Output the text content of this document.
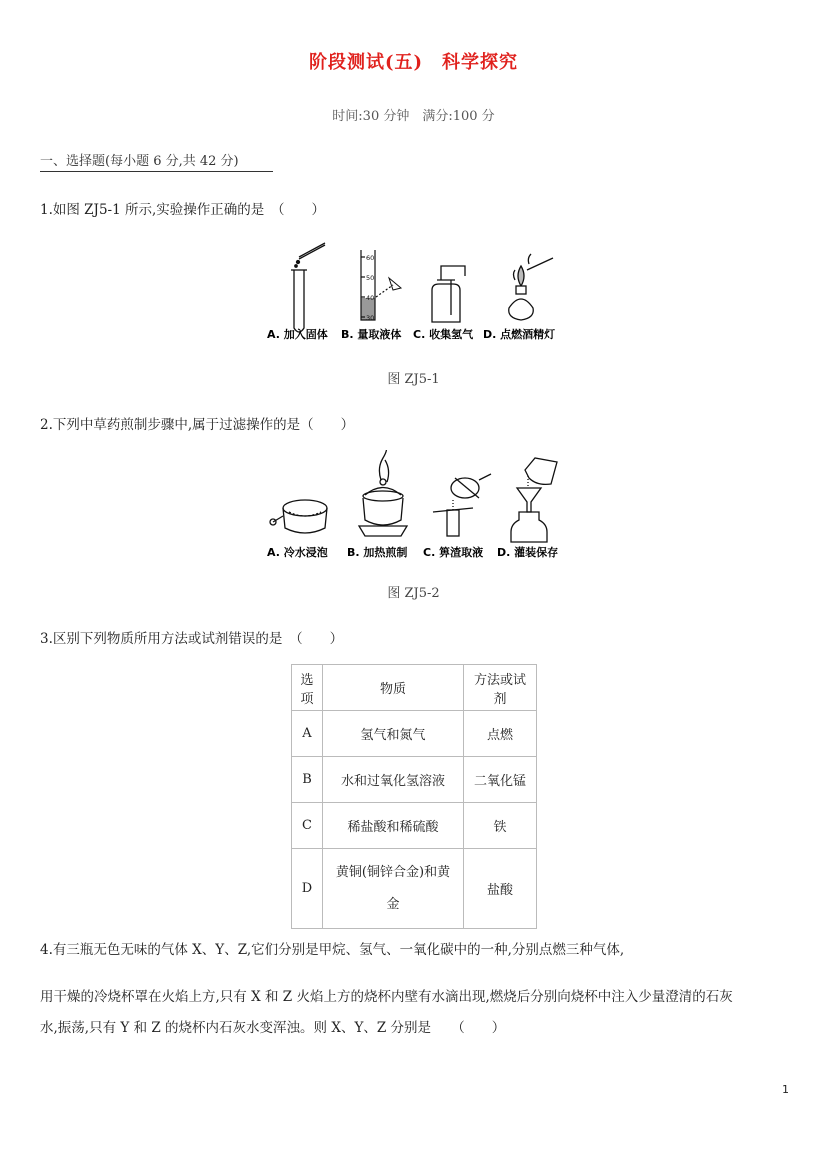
阶段测试(五)　科学探究
时间:30 分钟　满分:100 分
一、选择题(每小题 6 分,共 42 分)
1.如图 ZJ5-1 所示,实验操作正确的是　（　　）
60
50
40
30
A. 加入固体 B. 量取液体 C. 收集氢气 D. 点燃酒精灯
图 ZJ5-1
2.下列中草药煎制步骤中,属于过滤操作的是（　　）
A. 冷水浸泡 B. 加热煎制 C. 箅渣取液 D. 灌装保存
图 ZJ5-2
3.区别下列物质所用方法或试剂错误的是　（　　）
选项	物质	方法或试剂
A	氢气和氮气	点燃
B	水和过氧化氢溶液	二氧化锰
C	稀盐酸和稀硫酸	铁
D	黄铜(铜锌合金)和黄
金	盐酸
4.有三瓶无色无味的气体 X、Y、Z,它们分别是甲烷、氢气、一氧化碳中的一种,分别点燃三种气体,
用干燥的冷烧杯罩在火焰上方,只有 X 和 Z 火焰上方的烧杯内壁有水滴出现,燃烧后分别向烧杯中注入少量澄清的石灰
水,振荡,只有 Y 和 Z 的烧杯内石灰水变浑浊。则 X、Y、Z 分别是　　（　　）
1
